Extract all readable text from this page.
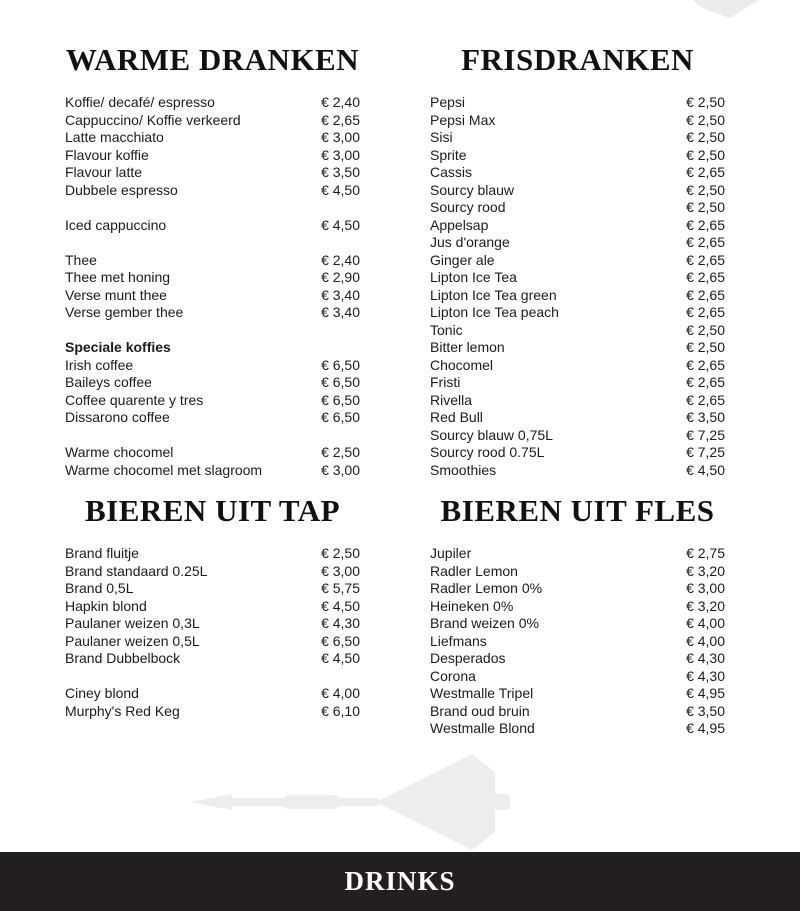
WARME DRANKEN
Koffie/ decafé/ espresso	€ 2,40
Cappuccino/ Koffie verkeerd	€ 2,65
Latte macchiato	€ 3,00
Flavour koffie	€ 3,00
Flavour latte	€ 3,50
Dubbele espresso	€ 4,50
Iced cappuccino	€ 4,50
Thee	€ 2,40
Thee met honing	€ 2,90
Verse munt thee	€ 3,40
Verse gember thee	€ 3,40
Speciale koffies
Irish coffee	€ 6,50
Baileys coffee	€ 6,50
Coffee quarente y tres	€ 6,50
Dissarono coffee	€ 6,50
Warme chocomel	€ 2,50
Warme chocomel met slagroom	€ 3,00
FRISDRANKEN
Pepsi	€ 2,50
Pepsi Max	€ 2,50
Sisi	€ 2,50
Sprite	€ 2,50
Cassis	€ 2,65
Sourcy blauw	€ 2,50
Sourcy rood	€ 2,50
Appelsap	€ 2,65
Jus d'orange	€ 2,65
Ginger ale	€ 2,65
Lipton Ice Tea	€ 2,65
Lipton Ice Tea green	€ 2,65
Lipton Ice Tea peach	€ 2,65
Tonic	€ 2,50
Bitter lemon	€ 2,50
Chocomel	€ 2,65
Fristi	€ 2,65
Rivella	€ 2,65
Red Bull	€ 3,50
Sourcy blauw 0,75L	€ 7,25
Sourcy rood 0.75L	€ 7,25
Smoothies	€ 4,50
BIEREN UIT TAP
Brand fluitje	€ 2,50
Brand standaard 0.25L	€ 3,00
Brand 0,5L	€ 5,75
Hapkin blond	€ 4,50
Paulaner weizen 0,3L	€ 4,30
Paulaner weizen 0,5L	€ 6,50
Brand Dubbelbock	€ 4,50
Ciney blond	€ 4,00
Murphy's Red Keg	€ 6,10
BIEREN UIT FLES
Jupiler	€ 2,75
Radler Lemon	€ 3,20
Radler Lemon 0%	€ 3,00
Heineken 0%	€ 3,20
Brand weizen 0%	€ 4,00
Liefmans	€ 4,00
Desperados	€ 4,30
Corona	€ 4,30
Westmalle Tripel	€ 4,95
Brand oud bruin	€ 3,50
Westmalle Blond	€ 4,95
DRINKS
